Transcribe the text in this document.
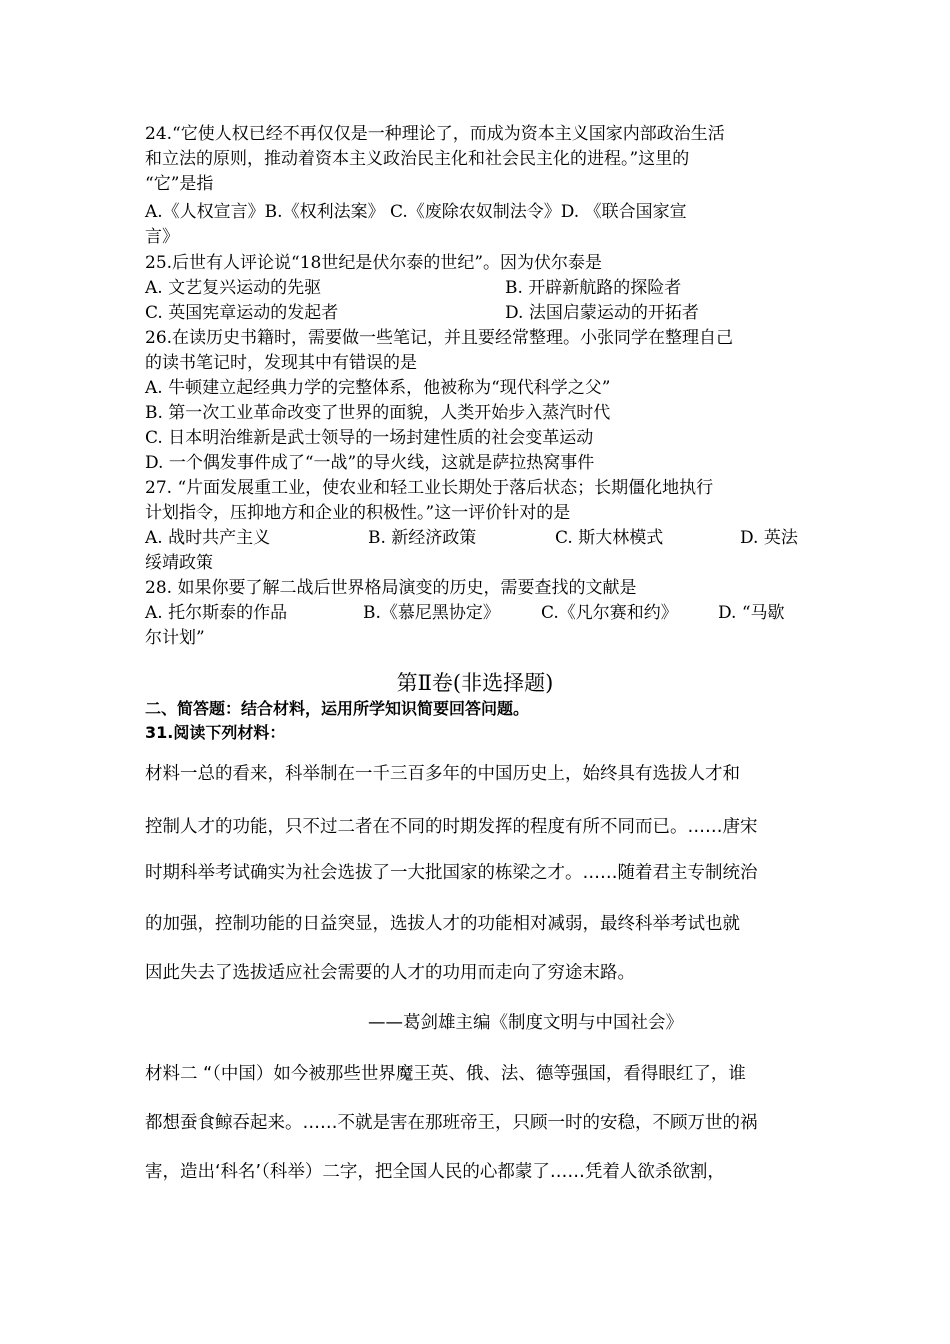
24.“它使人权已经不再仅仅是一种理论了，而成为资本主义国家内部政治生活
和立法的原则，推动着资本主义政治民主化和社会民主化的进程。”这里的
“它”是指
A.《人权宣言》B.《权利法案》 C.《废除农奴制法令》D. 《联合国家宣
言》
25.后世有人评论说“18世纪是伏尔泰的世纪”。因为伏尔泰是
A. 文艺复兴运动的先驱	B. 开辟新航路的探险者
C. 英国宪章运动的发起者	D. 法国启蒙运动的开拓者
26.在读历史书籍时，需要做一些笔记，并且要经常整理。小张同学在整理自己
的读书笔记时，发现其中有错误的是
A. 牛顿建立起经典力学的完整体系，他被称为“现代科学之父”
B. 第一次工业革命改变了世界的面貌，人类开始步入蒸汽时代
C. 日本明治维新是武士领导的一场封建性质的社会变革运动
D. 一个偶发事件成了“一战”的导火线，这就是萨拉热窝事件
27. “片面发展重工业，使农业和轻工业长期处于落后状态；长期僵化地执行
计划指令，压抑地方和企业的积极性。”这一评价针对的是
A. 战时共产主义	B. 新经济政策	C. 斯大林模式	D. 英法
绥靖政策
28. 如果你要了解二战后世界格局演变的历史，需要查找的文献是
A. 托尔斯泰的作品	B.《慕尼黑协定》 C.《凡尔赛和约》 D. “马歇
尔计划”
第Ⅱ卷(非选择题)
二、简答题：结合材料，运用所学知识简要回答问题。
31.阅读下列材料：
材料一总的看来，科举制在一千三百多年的中国历史上，始终具有选拔人才和
控制人才的功能，只不过二者在不同的时期发挥的程度有所不同而已。……唐宋
时期科举考试确实为社会选拔了一大批国家的栋梁之才。……随着君主专制统治
的加强，控制功能的日益突显，选拔人才的功能相对减弱，最终科举考试也就
因此失去了选拔适应社会需要的人才的功用而走向了穷途末路。
——葛剑雄主编《制度文明与中国社会》
材料二 “（中国）如今被那些世界魔王英、俄、法、德等强国，看得眼红了，谁
都想蚕食鲸吞起来。……不就是害在那班帝王，只顾一时的安稳，不顾万世的祸
害，造出‘科名’（科举）二字，把全国人民的心都蒙了……凭着人欲杀欲割，
